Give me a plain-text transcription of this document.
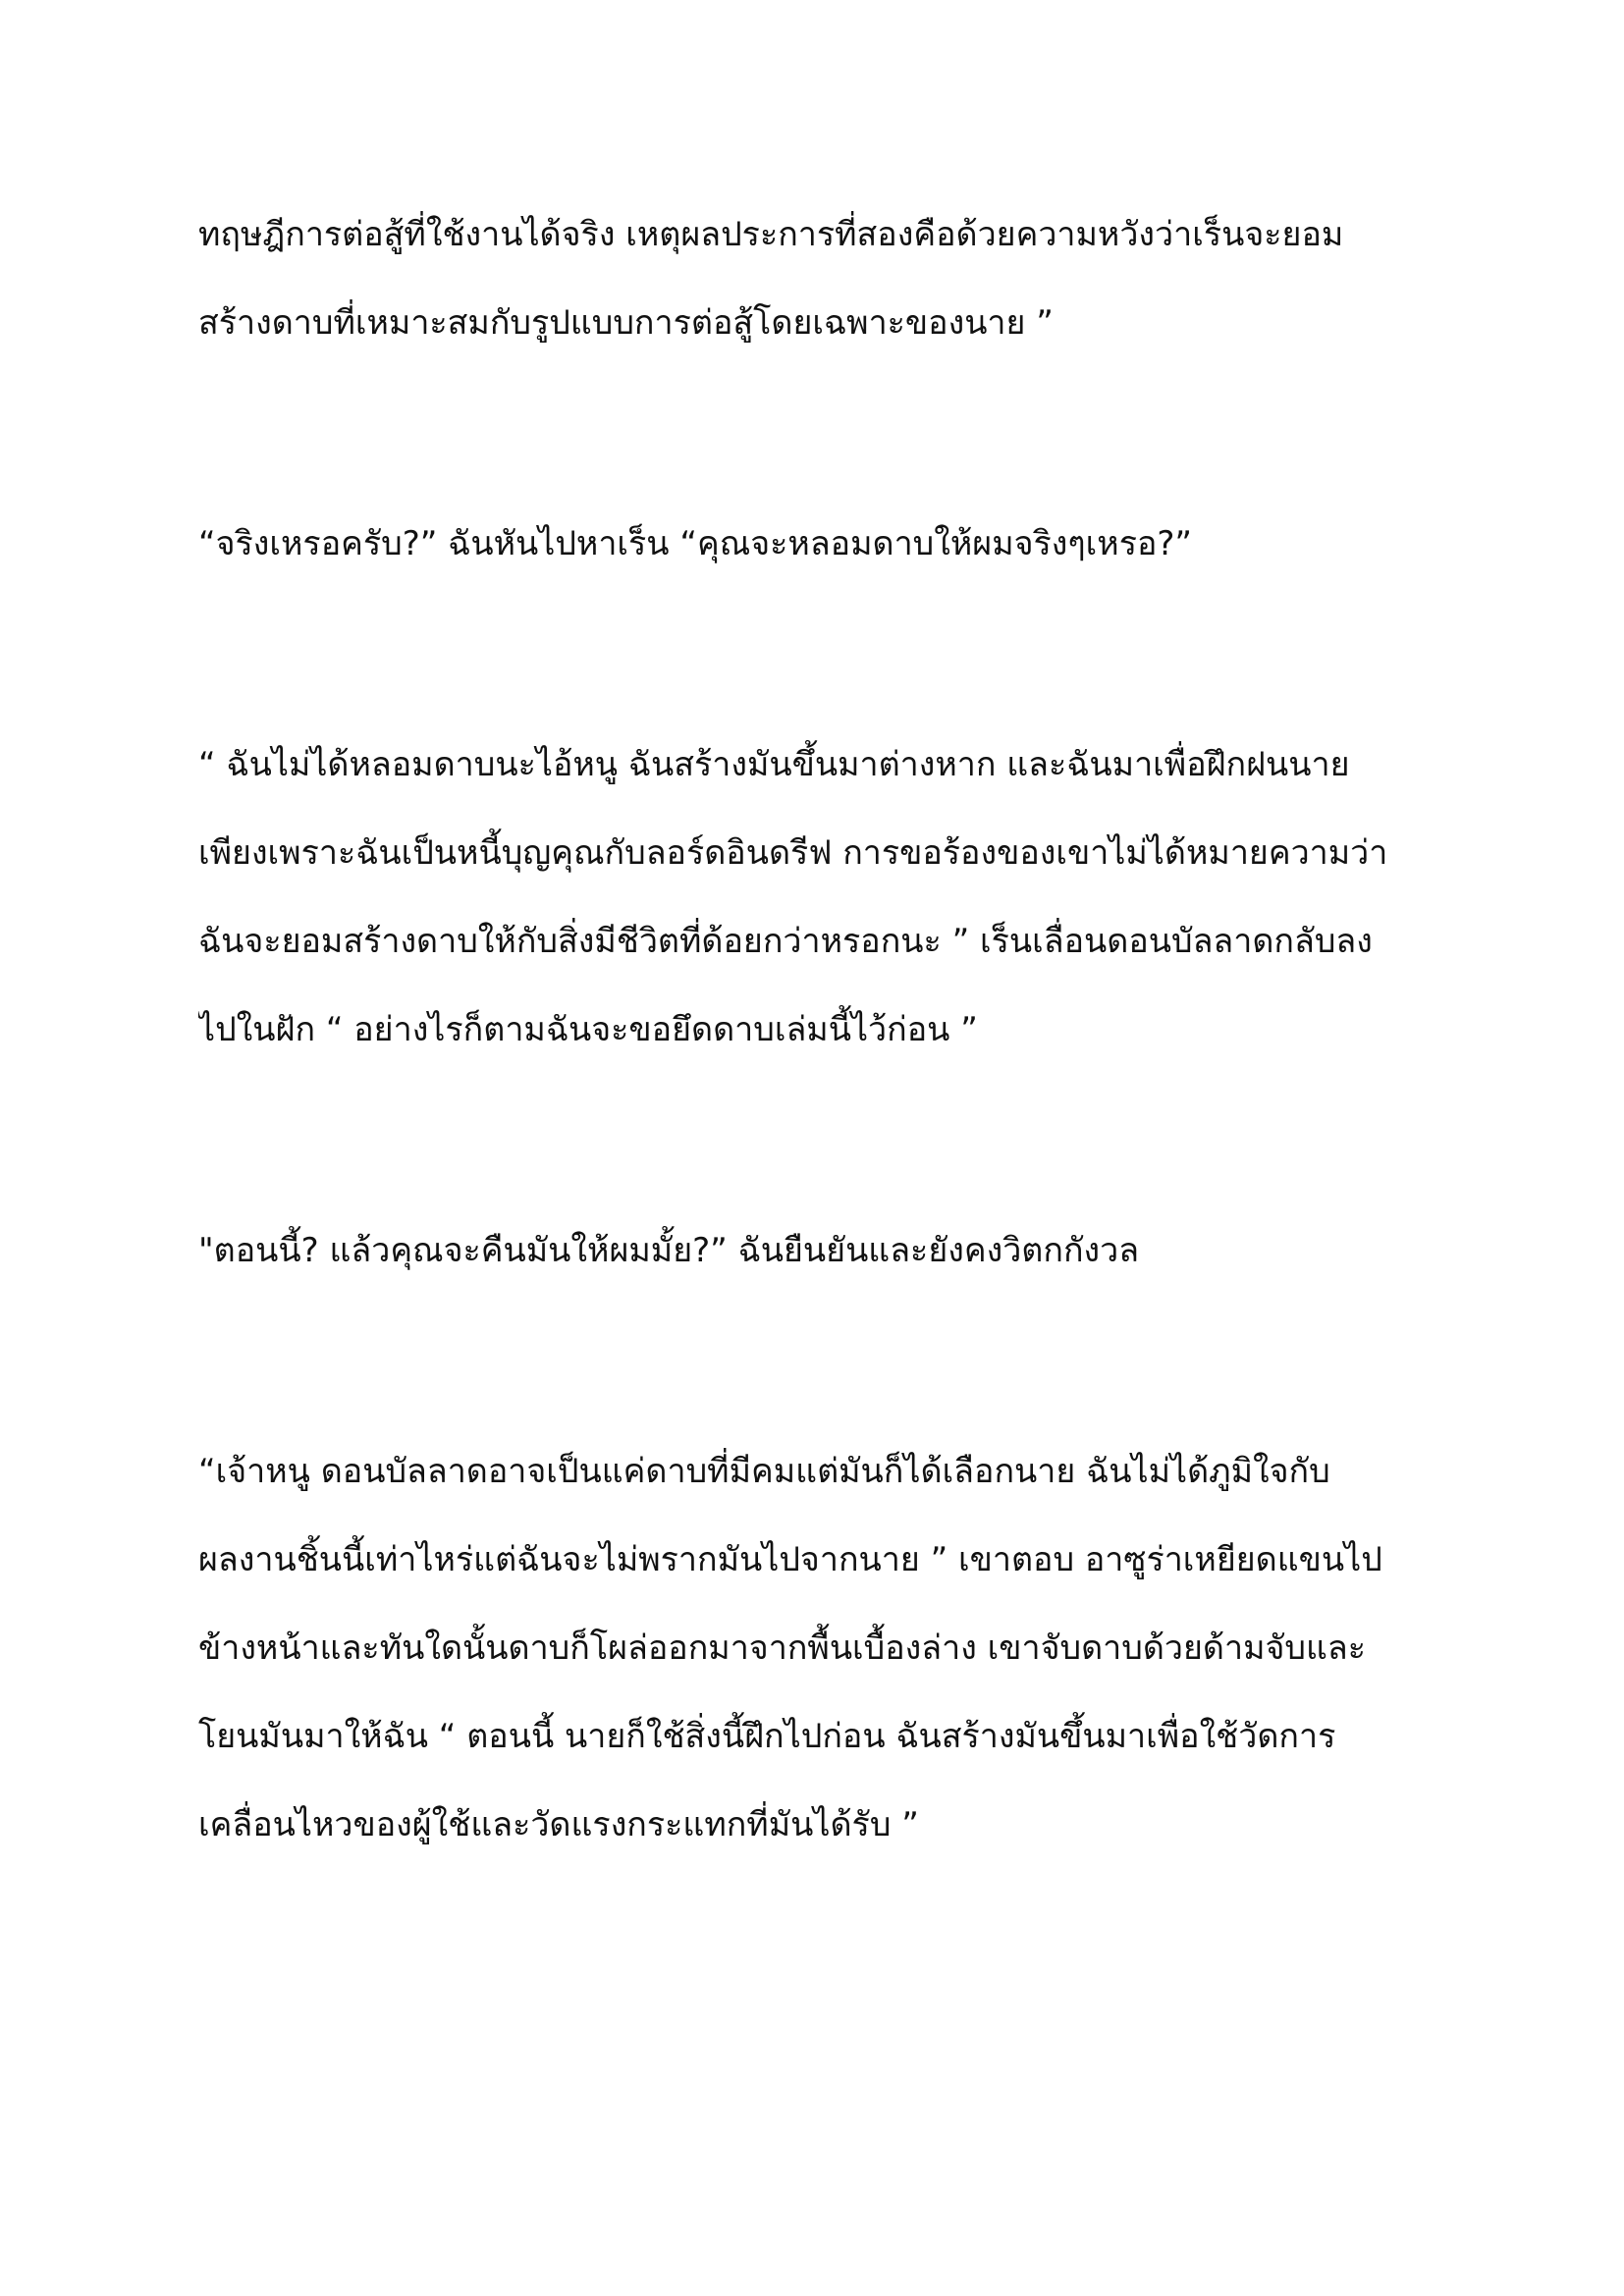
ทฤษฎีการต่อสู้ที่ใช้งานได้จริง เหตุผลประการที่สองคือด้วยความหวังว่าเร็นจะยอม
สร้างดาบที่เหมาะสมกับรูปแบบการต่อสู้โดยเฉพาะของนาย ”
“จริงเหรอครับ?” ฉันหันไปหาเร็น “คุณจะหลอมดาบให้ผมจริงๆเหรอ?”
“ ฉันไม่ได้หลอมดาบนะไอ้หนู ฉันสร้างมันขึ้นมาต่างหาก และฉันมาเพื่อฝึกฝนนาย
เพียงเพราะฉันเป็นหนี้บุญคุณกับลอร์ดอินดรีฟ การขอร้องของเขาไม่ได้หมายความว่า
ฉันจะยอมสร้างดาบให้กับสิ่งมีชีวิตที่ด้อยกว่าหรอกนะ ” เร็นเลื่อนดอนบัลลาดกลับลง
ไปในฝัก “ อย่างไรก็ตามฉันจะขอยึดดาบเล่มนี้ไว้ก่อน ”
"ตอนนี้? แล้วคุณจะคืนมันให้ผมมั้ย?” ฉันยืนยันและยังคงวิตกกังวล
“เจ้าหนู ดอนบัลลาดอาจเป็นแค่ดาบที่มีคมแต่มันก็ได้เลือกนาย ฉันไม่ได้ภูมิใจกับ
ผลงานชิ้นนี้เท่าไหร่แต่ฉันจะไม่พรากมันไปจากนาย ” เขาตอบ อาซูร่าเหยียดแขนไป
ข้างหน้าและทันใดนั้นดาบก็โผล่ออกมาจากพื้นเบื้องล่าง เขาจับดาบด้วยด้ามจับและ
โยนมันมาให้ฉัน “ ตอนนี้ นายก็ใช้สิ่งนี้ฝึกไปก่อน ฉันสร้างมันขึ้นมาเพื่อใช้วัดการ
เคลื่อนไหวของผู้ใช้และวัดแรงกระแทกที่มันได้รับ ”
